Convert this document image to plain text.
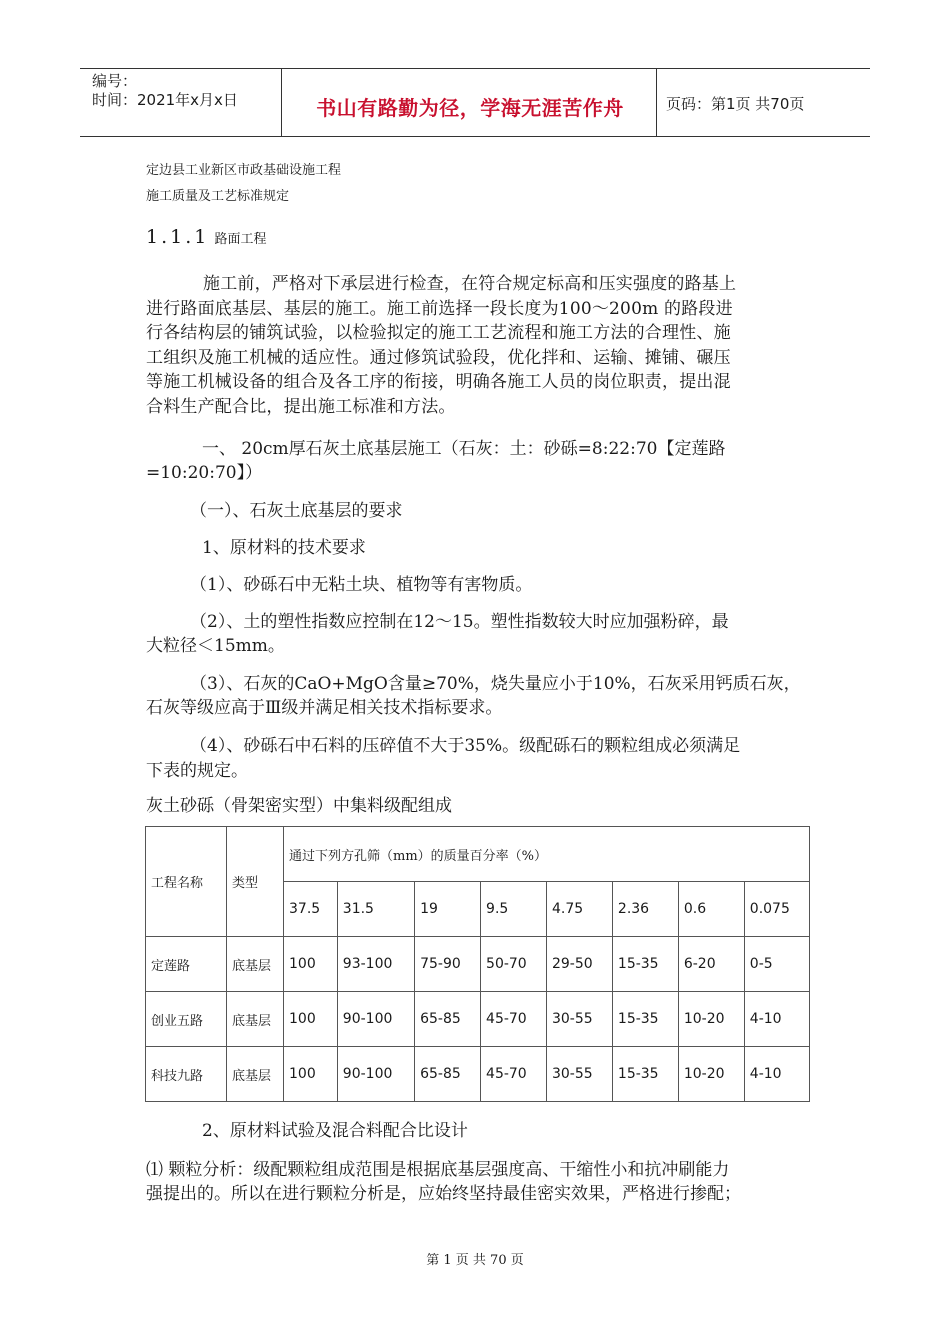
编号：
时间：2021年x月x日	书山有路勤为径，学海无涯苦作舟	页码：第1页 共70页
定边县工业新区市政基础设施工程
施工质量及工艺标准规定
1.1.1 路面工程
施工前，严格对下承层进行检查，在符合规定标高和压实强度的路基上
进行路面底基层、基层的施工。施工前选择一段长度为100～200m 的路段进
行各结构层的铺筑试验，以检验拟定的施工工艺流程和施工方法的合理性、施
工组织及施工机械的适应性。通过修筑试验段，优化拌和、运输、摊铺、碾压
等施工机械设备的组合及各工序的衔接，明确各施工人员的岗位职责，提出混
合料生产配合比，提出施工标准和方法。
一、 20cm厚石灰土底基层施工（石灰：土：砂砾=8:22:70【定莲路
=10:20:70】）
（一）、石灰土底基层的要求
1、原材料的技术要求
（1）、砂砾石中无粘土块、植物等有害物质。
（2）、土的塑性指数应控制在12～15。塑性指数较大时应加强粉碎，最
大粒径＜15mm。
（3）、石灰的CaO+MgO含量≥70%，烧失量应小于10%，石灰采用钙质石灰，
石灰等级应高于Ⅲ级并满足相关技术指标要求。
（4）、砂砾石中石料的压碎值不大于35%。级配砾石的颗粒组成必须满足
下表的规定。
灰土砂砾（骨架密实型）中集料级配组成
工程名称	类型	通过下列方孔筛（mm）的质量百分率（%）							
		37.5	31.5	19	9.5	4.75	2.36	0.6	0.075
定莲路	底基层	100	93-100	75-90	50-70	29-50	15-35	6-20	0-5
创业五路	底基层	100	90-100	65-85	45-70	30-55	15-35	10-20	4-10
科技九路	底基层	100	90-100	65-85	45-70	30-55	15-35	10-20	4-10
2、原材料试验及混合料配合比设计
⑴ 颗粒分析：级配颗粒组成范围是根据底基层强度高、干缩性小和抗冲刷能力
强提出的。所以在进行颗粒分析是，应始终坚持最佳密实效果，严格进行掺配；
第 1 页 共 70 页
